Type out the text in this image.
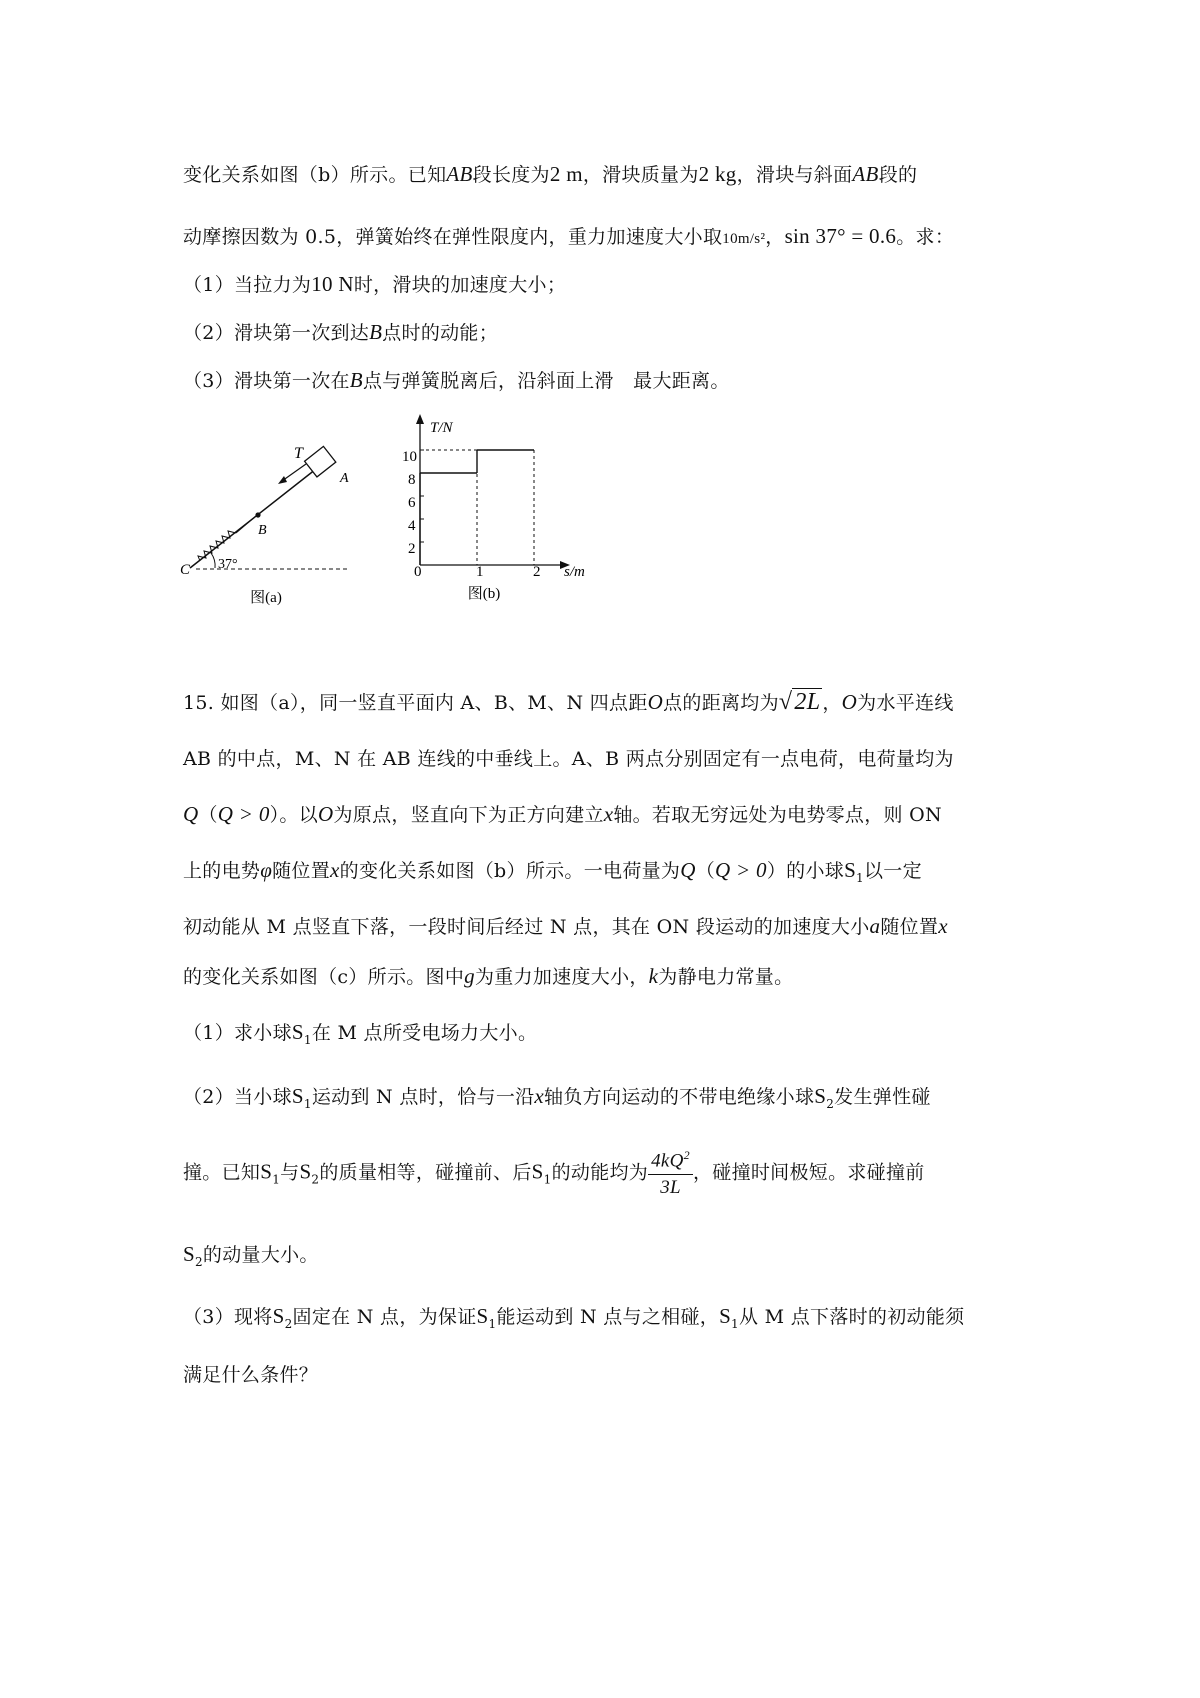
变化关系如图（b）所示。已知AB段长度为2 m，滑块质量为2 kg，滑块与斜面AB段的
动摩擦因数为 0.5，弹簧始终在弹性限度内，重力加速度大小取10m/s²，sin 37° = 0.6。求：
（1）当拉力为10 N时，滑块的加速度大小；
（2）滑块第一次到达B点时的动能；
（3）滑块第一次在B点与弹簧脱离后，沿斜面上滑　最大距离。
T
A
B
C 37°
图(a)
T/N
s/m
10
8
6
4
2
0	1	2
图(b)
15. 如图（a），同一竖直平面内 A、B、M、N 四点距O点的距离均为√2L ，O为水平连线
AB 的中点，M、N 在 AB 连线的中垂线上。A、B 两点分别固定有一点电荷，电荷量均为
Q（Q > 0）。以O为原点，竖直向下为正方向建立x轴。若取无穷远处为电势零点，则 ON
上的电势φ随位置x的变化关系如图（b）所示。一电荷量为Q（Q > 0）的小球$S_1$以一定
初动能从 M 点竖直下落，一段时间后经过 N 点，其在 ON 段运动的加速度大小a随位置x
的变化关系如图（c）所示。图中g为重力加速度大小，k为静电力常量。
（1）求小球$S_1$在 M 点所受电场力大小。
（2）当小球$S_1$运动到 N 点时，恰与一沿x轴负方向运动的不带电绝缘小球$S_2$发生弹性碰
撞。已知$S_1$与$S_2$的质量相等，碰撞前、后$S_1$的动能均为 $\frac{4kQ^2}{3L}$ ，碰撞时间极短。求碰撞前
$S_2$的动量大小。
（3）现将$S_2$固定在 N 点，为保证$S_1$能运动到 N 点与之相碰，$S_1$从 M 点下落时的初动能须
满足什么条件？
